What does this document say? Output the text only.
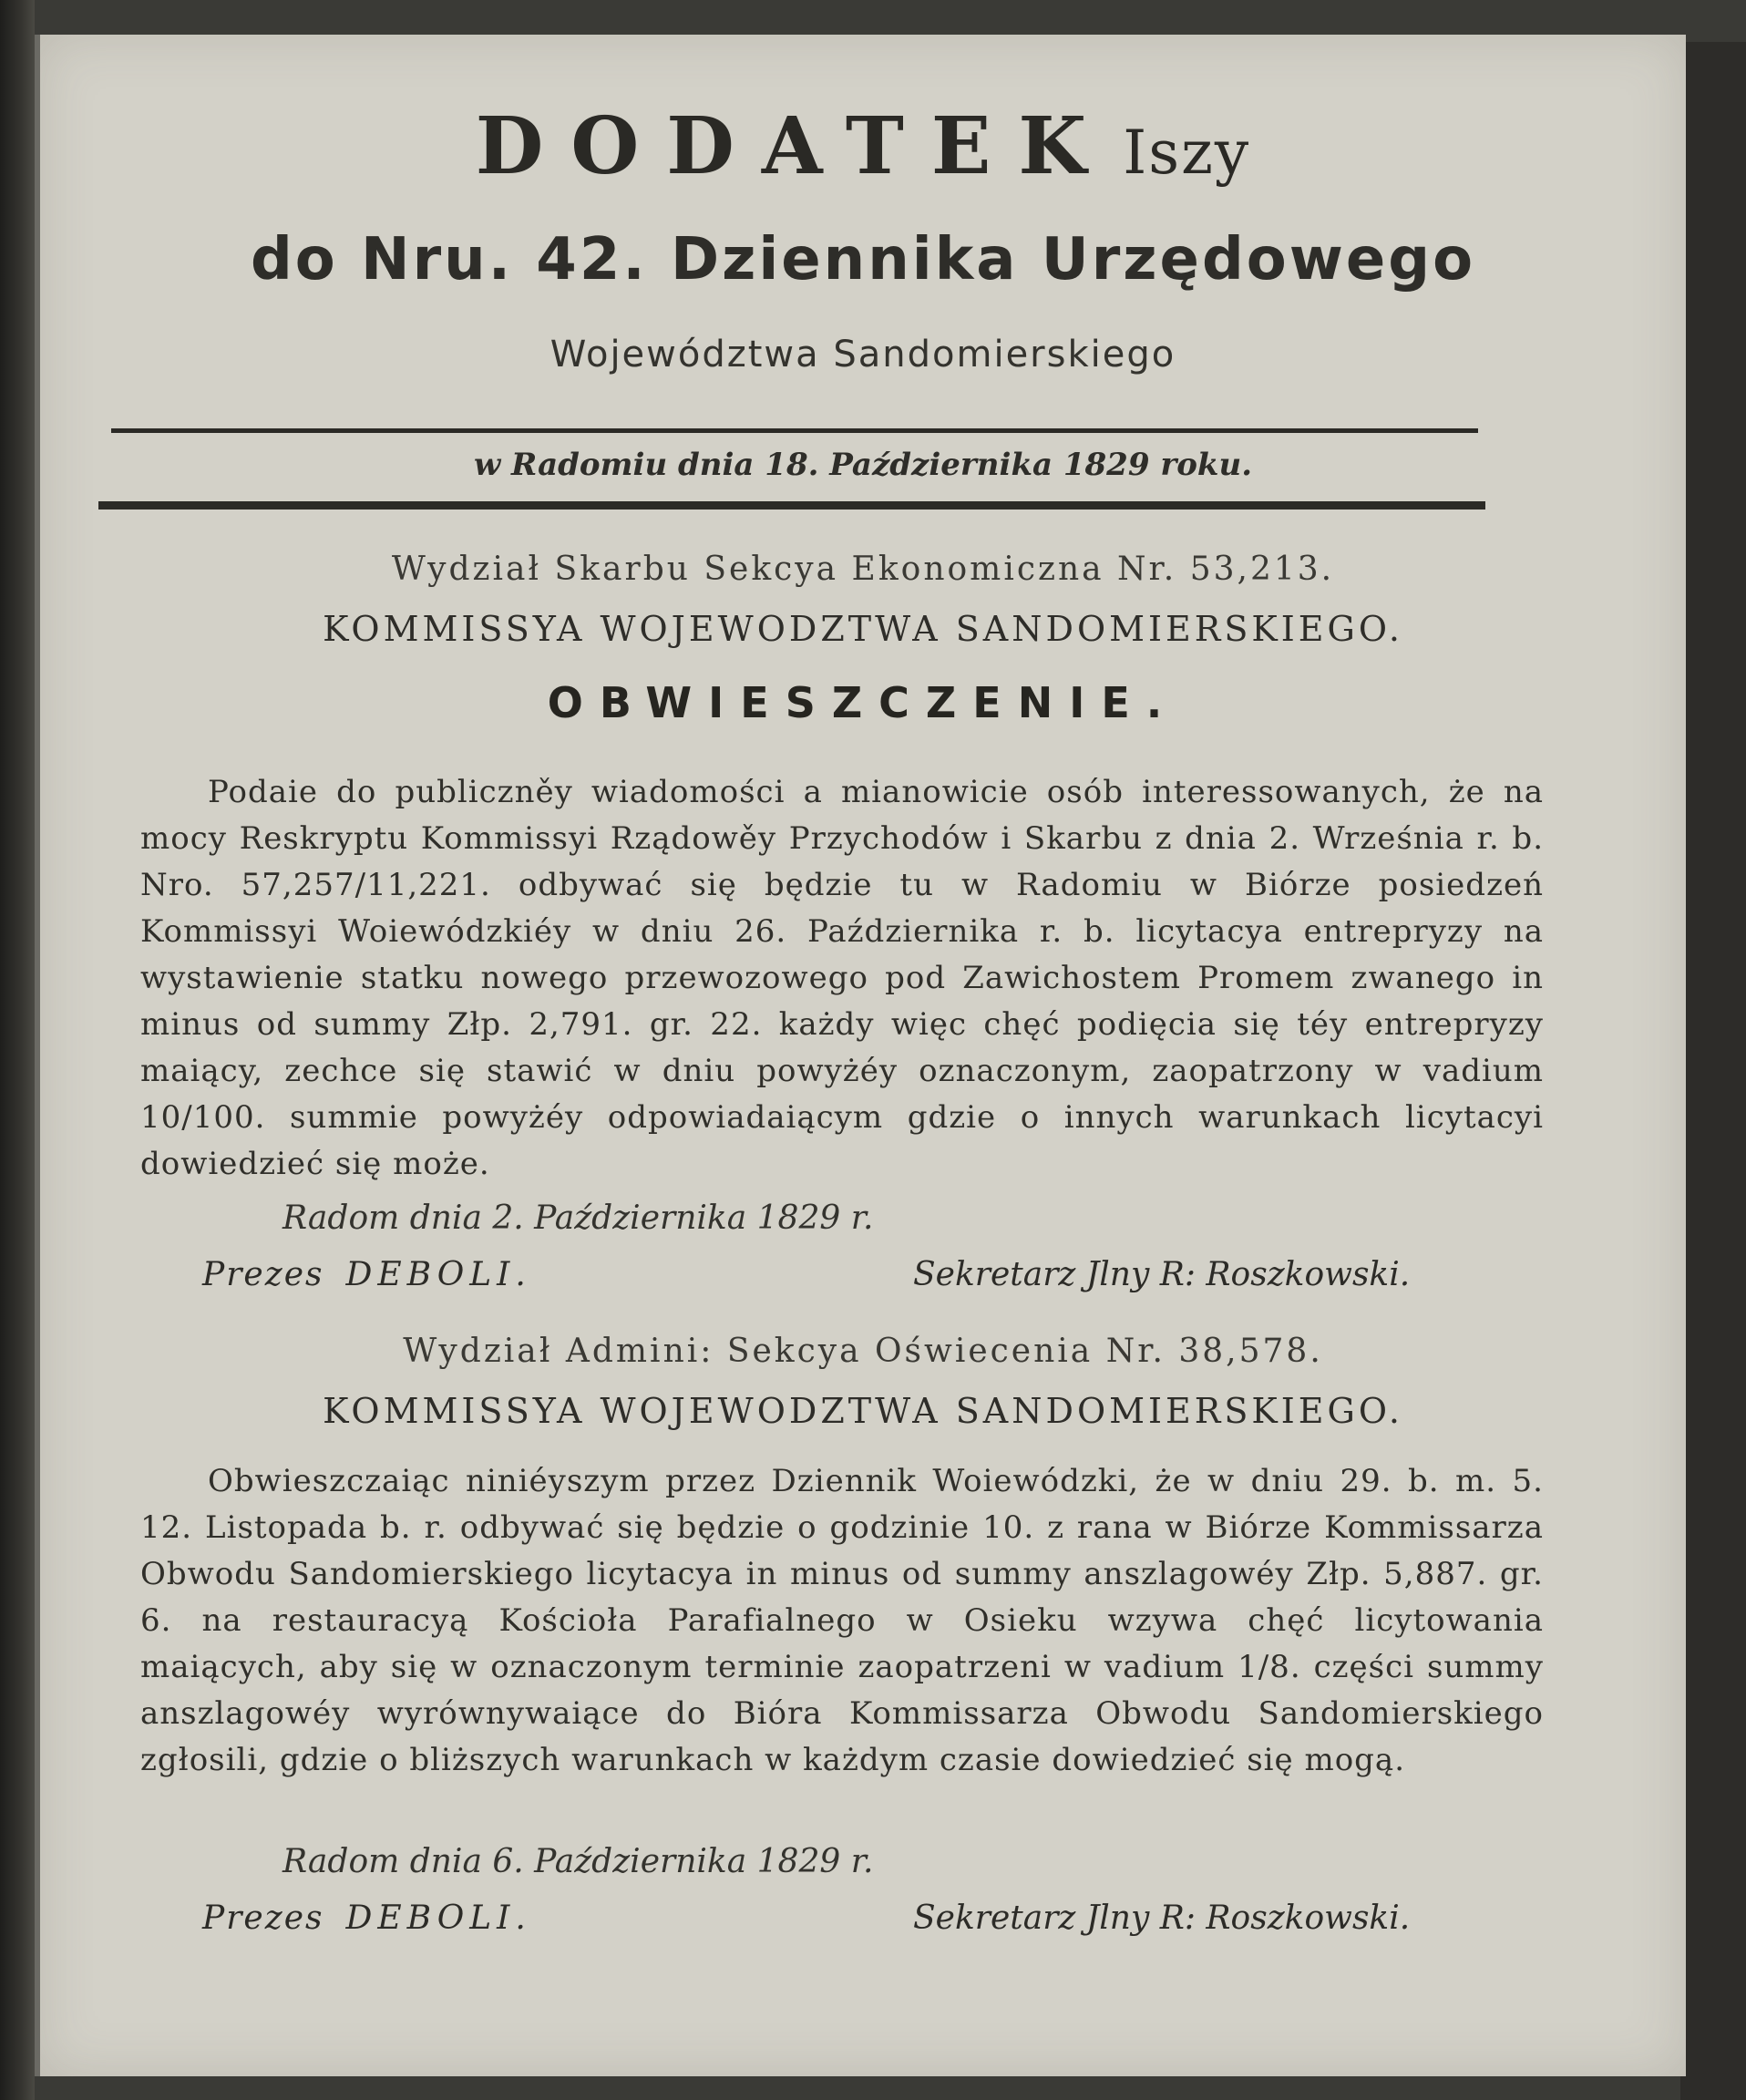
DODATEK Iszy
do Nru. 42. Dziennika Urzędowego
Województwa Sandomierskiego
w Radomiu dnia 18. Października 1829 roku.
Wydział Skarbu Sekcya Ekonomiczna Nr. 53,213.
KOMMISSYA WOJEWODZTWA SANDOMIERSKIEGO.
OBWIESZCZENIE.
Podaie do publiczněy wiadomości a mianowicie osób interessowanych, że na mocy Reskryptu Kommissyi Rządowěy Przychodów i Skarbu z dnia 2. Września r. b. Nro. 57,257/11,221. odbywać się będzie tu w Radomiu w Biórze posiedzeń Kommissyi Woiewódzkiéy w dniu 26. Października r. b. licytacya entrepryzy na wystawienie statku nowego przewozowego pod Zawichostem Promem zwanego in minus od summy Złp. 2,791. gr. 22. każdy więc chęć podięcia się téy entrepryzy maiący, zechce się stawić w dniu powyżéy oznaczonym, zaopatrzony w vadium 10/100. summie powyżéy odpowiadaiącym gdzie o innych warunkach licytacyi dowiedzieć się może.
Radom dnia 2. Października 1829 r.
Prezes DEBOLI.	Sekretarz Jlny R: Roszkowski.
Wydział Admini: Sekcya Oświecenia Nr. 38,578.
KOMMISSYA WOJEWODZTWA SANDOMIERSKIEGO.
Obwieszczaiąc niniéyszym przez Dziennik Woiewódzki, że w dniu 29. b. m. 5. 12. Listopada b. r. odbywać się będzie o godzinie 10. z rana w Biórze Kommissarza Obwodu Sandomierskiego licytacya in minus od summy anszlagowéy Złp. 5,887. gr. 6. na restauracyą Kościoła Parafialnego w Osieku wzywa chęć licytowania maiących, aby się w oznaczonym terminie zaopatrzeni w vadium 1/8. części summy anszlagowéy wyrównywaiące do Bióra Kommissarza Obwodu Sandomierskiego zgłosili, gdzie o bliższych warunkach w każdym czasie dowiedzieć się mogą.
Radom dnia 6. Października 1829 r.
Prezes DEBOLI.	Sekretarz Jlny R: Roszkowski.
